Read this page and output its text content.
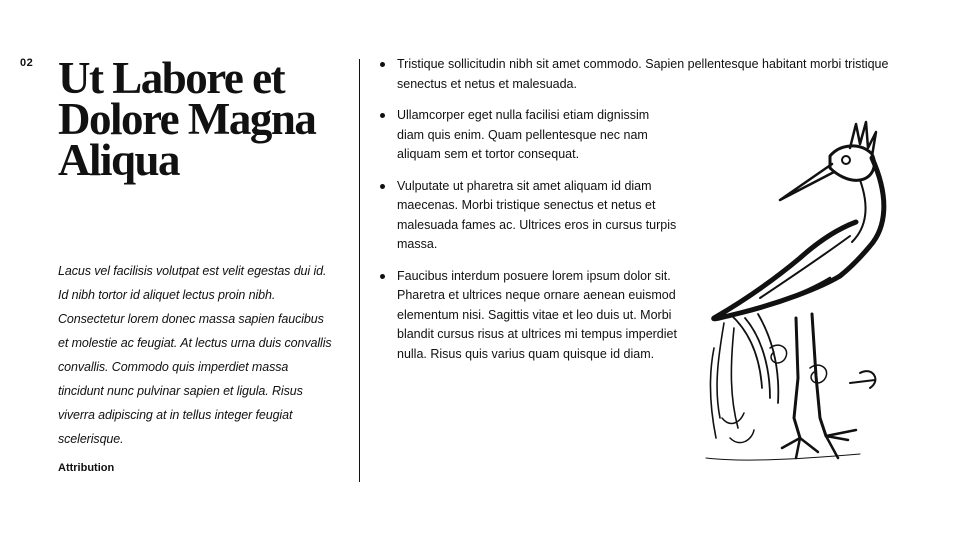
02 Ut Labore et Dolore Magna Aliqua

Lacus vel facilisis volutpat est velit egestas dui id. Id nibh tortor id aliquet lectus proin nibh. Consectetur lorem donec massa sapien faucibus et molestie ac feugiat. At lectus urna duis convallis convallis. Commodo quis imperdiet massa tincidunt nunc pulvinar sapien et ligula. Risus viverra adipiscing at in tellus integer feugiat scelerisque.

Attribution
Tristique sollicitudin nibh sit amet commodo. Sapien pellentesque habitant morbi tristique senectus et netus et malesuada.
Ullamcorper eget nulla facilisi etiam dignissim diam quis enim. Quam pellentesque nec nam aliquam sem et tortor consequat.
Vulputate ut pharetra sit amet aliquam id diam maecenas. Morbi tristique senectus et netus et malesuada fames ac. Ultrices eros in cursus turpis massa.
Faucibus interdum posuere lorem ipsum dolor sit. Pharetra et ultrices neque ornare aenean euismod elementum nisi. Sagittis vitae et leo duis ut. Morbi blandit cursus risus at ultrices mi tempus imperdiet nulla. Risus quis varius quam quisque id diam.
